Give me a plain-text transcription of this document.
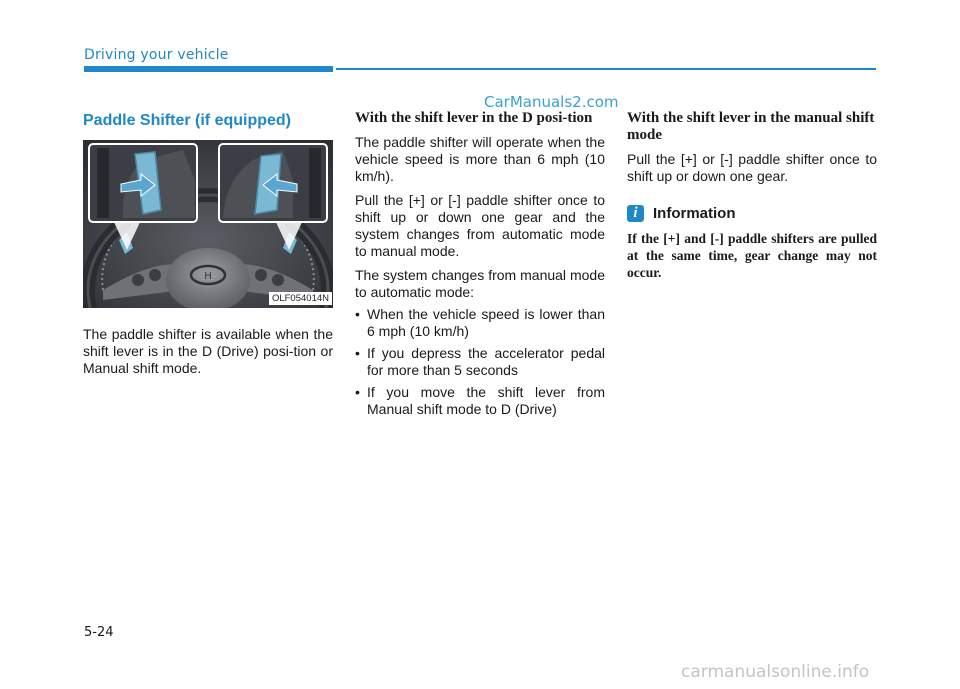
Driving your vehicle
CarManuals2.com
Paddle Shifter (if equipped)
H
OLF054014N

The paddle shifter is available when the shift lever is in the D (Drive) posi-tion or Manual shift mode.

With the shift lever in the D posi-tion

The paddle shifter will operate when the vehicle speed is more than 6 mph (10 km/h).

Pull the [+] or [-] paddle shifter once to shift up or down one gear and the system changes from automatic mode to manual mode.

The system changes from manual mode to automatic mode:

• When the vehicle speed is lower than 6 mph (10 km/h)
• If you depress the accelerator pedal for more than 5 seconds
• If you move the shift lever from Manual shift mode to D (Drive)
With the shift lever in the manual shift mode

Pull the [+] or [-] paddle shifter once to shift up or down one gear.

i	Information
If the [+] and [-] paddle shifters are pulled at the same time, gear change may not occur.
5-24
carmanualsonline.info
